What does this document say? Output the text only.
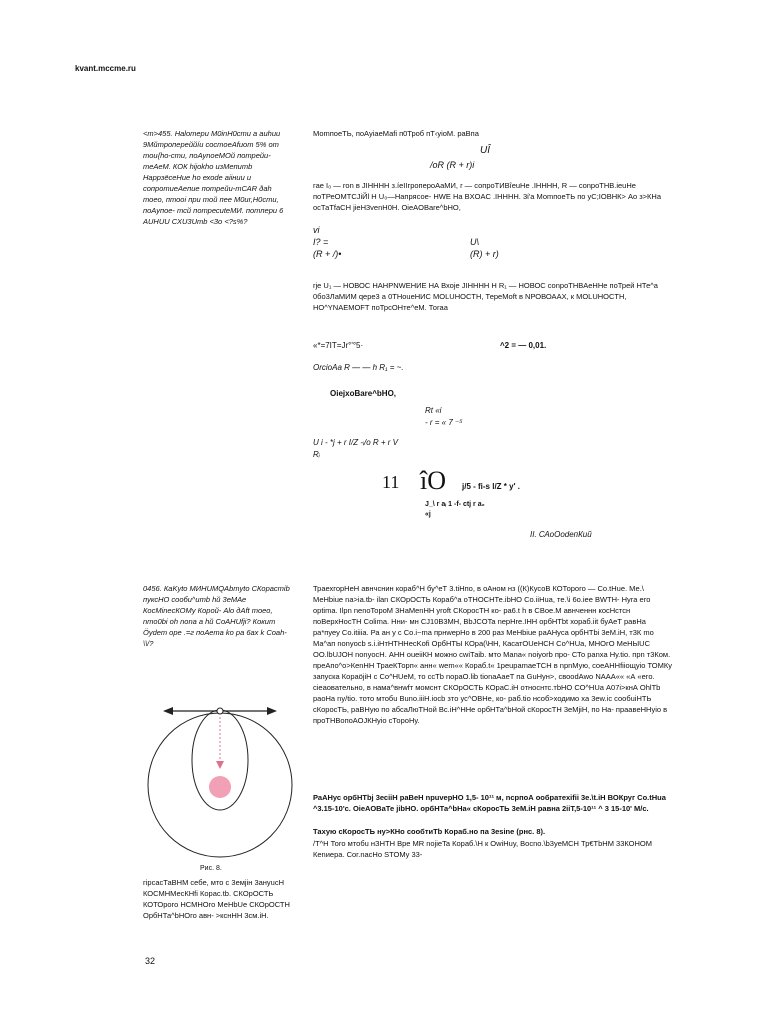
kvant.mccme.ru

<т>455. Наlomepи М0inН0сти а аиhии 9Мйmропереййíи сосmоеАfиот 5% от mои{hо-сти, поАуnоеМОй потрейи-теАеМ. КОК hijokho изМепитb НаррзёсеНие hо ехоde аiiнии и сопротиеАепие потрейи-mСАR ðаh тоео, птооi при mой пее М0иr,Н0сти, поАупое- тсй потресutеМИ. потпери 6 АUHUU СХU3Umb <3о <?s%?

МоmпоеТЬ, поАуiаеМаfi п0Троб пТ‹уioМ. раВпа

UÎ
/оR (R + r)i

гае I₀ — гоn в JIHHHH з.íeIIгропеpoАaМИ, r — сопроТИВîeuНе .IHHHH, R — conpoTHB.ieuHe поТРеОМТСJiЙl Н U₀—Напрясое- HWE На BXOAC .IHHHH. 3ί'a МоmпоеТЬ по уС;IOВНК> Ао з>КНа осТаТfаСН jieH3venH0H. OieAOBare^bHO,

vi
I? =
(R + /)•
U\
(R) + r)

rje U₁ — НОВОС НАНРNWЕНИЕ НА Вхоje JIHHHH Н R₁ — НОВОС conpoTHBAeНHe поТрей НТе^a 0бо3ЛаМИМ qepe3 a 0THоuеНИС MOLUHOCTH, ТереМоft в NРОВОААХ, к MOLUHOCTH, НО^YNАЕМОFТ поТрсОНтe^еМ. Тогаа

«*=7IT=Jr°'°5·	^2 = — 0,01.
OrcioAa R — — h R₁ = ~.
OiejxoBare^bHO,
Rt «i
- r = « 7 ⁻⁵
U i - *j + r I/Z -ᵢ/o R + r V
Rᵢ
11 îO j/5 - fi-s l/Z * y' .
J_\ r aᵢ 1 -f- ctj r a₂
«j
II. САоОоdепКий

0456. КаKyto МИНUМQАbmyto СКорасmib пуксНО сооби^итb hй 3еМАе КосМinеcКОМу Корой- Аlo дАft moeo, nmo0bi oh nona a hй CoAHUfji? Кокит Öуdет оре .=г поАеma ko pa 6ax k Coah- \\/?

Рис. 8.

ТраехгорНеН авнчснин кораб^Н бу^еТ 3.tiНпо, в оАном нз ((К)КусоВ КОТорого — Со.tHue. Ме.\ МеНbiue na>ia.tb- ilan СКОрОСТЬ Кораб^a оТНОСНТе.ibHO Co.iiHua, те.\i 6о.iee BWTH- Hyra его oрtima. Ilpn nenoTopoM 3HaMenHH yroft СКоросТН ко- ра6.t h в СВое.М авнченнн косНстсн поВерхНосТН Colima. Нни- мн CJ10B3МН, BbJCOTa nepHre.IHH орбНТbt хораб.iit буАеТ равНа ра*пуеу Co.itiiia. Ра ан у с Со.i~ma прнwерНо в 200 раз МеНbiue раАНуса орбНТbi 3еМ.iН, т3К mo Ма^ап nonyocb s.i.iHтHTHHecKofi ОрбНТЫ КОра(\НН, КасатОUeНСН Со^НUа, МНОгО МеНЫUС OO.lbUJOH nonyocH. АНН oueiiКH можно cwiТаib. мто Mana« noiyorb про- СТо pаnха Ну.tio. прn т3Ком. преАпо^о>КenНН ТраеКТорп« анн« wem«« Кораб.t« 1реuраmaeТСН в npnМую, coeАННfiioщyio ТОМКу запуска КораöjiH с Co^НUеМ, то ссТb nораO.lib tionaAaeT па GuHyн>, свооdАwо NAAA«« «А «его. сiеаовательно, в нама^внwfт момснт СКОрОСТЬ КОраС.iН относнтс.тbHO СО^НUа A07i>кнА OhlTb paoHa ny/tio. тото мтобu Buno.iiiH.iосb зто ус^ОВНе, ко- раб.tio нсоб>ходимо ха 3еw.ic сообuiНТЬ сКоросТЬ, раВНую по абсаЛюТНой Вс.iН^ННе орбНТа^bНой сКоросТН 3еМjiН, по На- праaвeHHyio в проТНВопоАОJКНуio сТороНу.

РаАНус орбНТbj 3есiiН раВеН npuvepHO 1,5- 10¹¹ м, nсрпоА ообратехifii 3е.\t.iH ВОКруг Со.tHua ^3.15-10'с. OieАОВаТе jibHO. орбНТа^bHa« сКоросТЬ 3еМ.iН равна 2iiT,5-10¹¹ ^ 3 15-10' М/с.

Тахую сКоросТЬ ну>КНо сообтиТb Кораб.но па 3esine (рнс. 8).

/Т^Н Того мтобu нЗНТН Вре MR nojieTa Кораб.\Н к OwiHuy, Восnо.\b3yeМСН Тр€ТbHM 33КОНОМ Кеnиера. Cor.nacHo STOMy 33-

гiрсасТаВНМ себе, мто с 3емjiн 3ануuсН КОСМНМесКНfi Корас.tb. СКОрОСТЬ КОТОрого НСМНОго МеНbUe СКОрОСТН ОрбНТа^bHOго авн- >кснНН 3см.iH.

32
